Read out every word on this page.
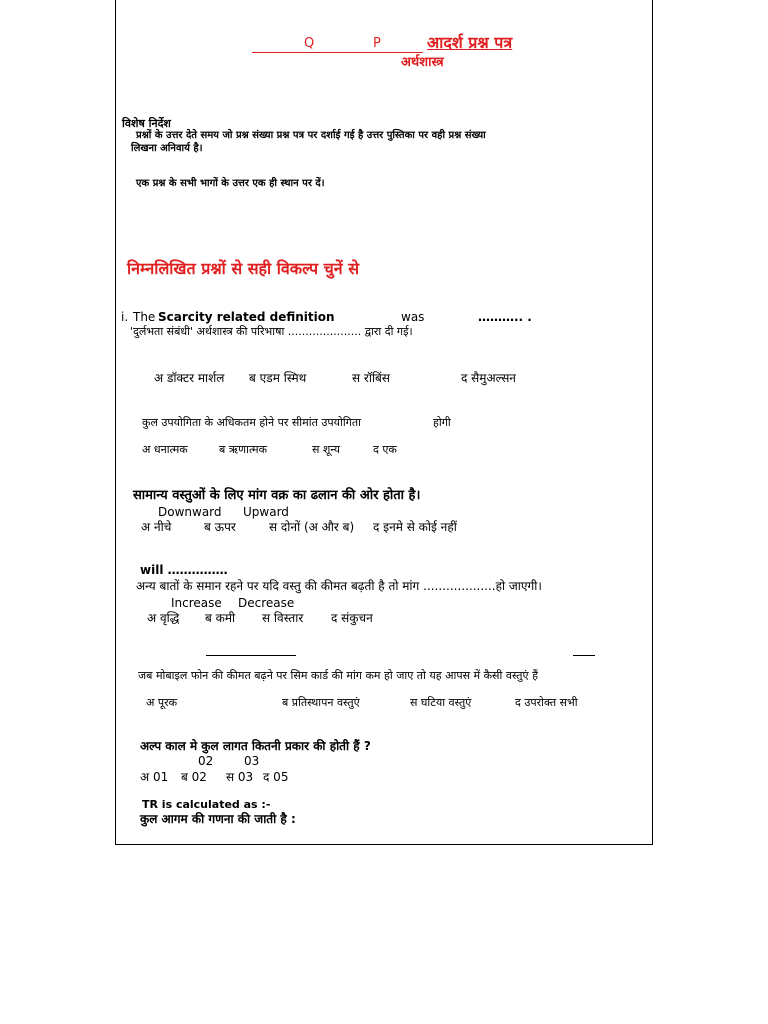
Q	P	आदर्श प्रश्न पत्र
अर्थशास्त्र
विशेष निर्देश
प्रश्नों के उत्तर देते समय जो प्रश्न संख्या प्रश्न पत्र पर दर्शाई गई है उत्तर पुस्तिका पर वही प्रश्न संख्या
लिखना अनिवार्य है।
एक प्रश्न के सभी भागों के उत्तर एक ही स्थान पर दें।
निम्नलिखित प्रश्नों से सही विकल्प चुनें से
i. The Scarcity related definition	was	……….. .
'दुर्लभता संबंधी' अर्थशास्त्र की परिभाषा ..................... द्वारा दी गई।
अ डॉक्टर मार्शल ब एडम स्मिथ	स रॉबिंस	द सैमुअल्सन
कुल उपयोगिता के अधिकतम होने पर सीमांत उपयोगिता	होगी
अ धनात्मक	ब ऋणात्मक	स शून्य	द एक
सामान्य वस्तुओं के लिए मांग वक्र का ढलान की ओर होता है।
Downward Upward
अ नीचे	ब ऊपर	स दोनों (अ और ब) द इनमे से कोई नहीं
will ……………
अन्य बातों के समान रहने पर यदि वस्तु की कीमत बढ़ती है तो मांग ...................हो जाएगी।
Increase Decrease
अ वृद्धि ब कमी स विस्तार द संकुचन
जब मोबाइल फोन की कीमत बढ़ने पर सिम कार्ड की मांग कम हो जाए तो यह आपस में कैसी वस्तुएं हैं
अ पूरक	ब प्रतिस्थापन वस्तुएं	स घटिया वस्तुएं	द उपरोक्त सभी
अल्प काल मे कुल लागत कितनी प्रकार की होती हैं ?
02	03
अ 01 ब 02 स 03 द 05
TR is calculated as :-
कुल आगम की गणना की जाती है :
